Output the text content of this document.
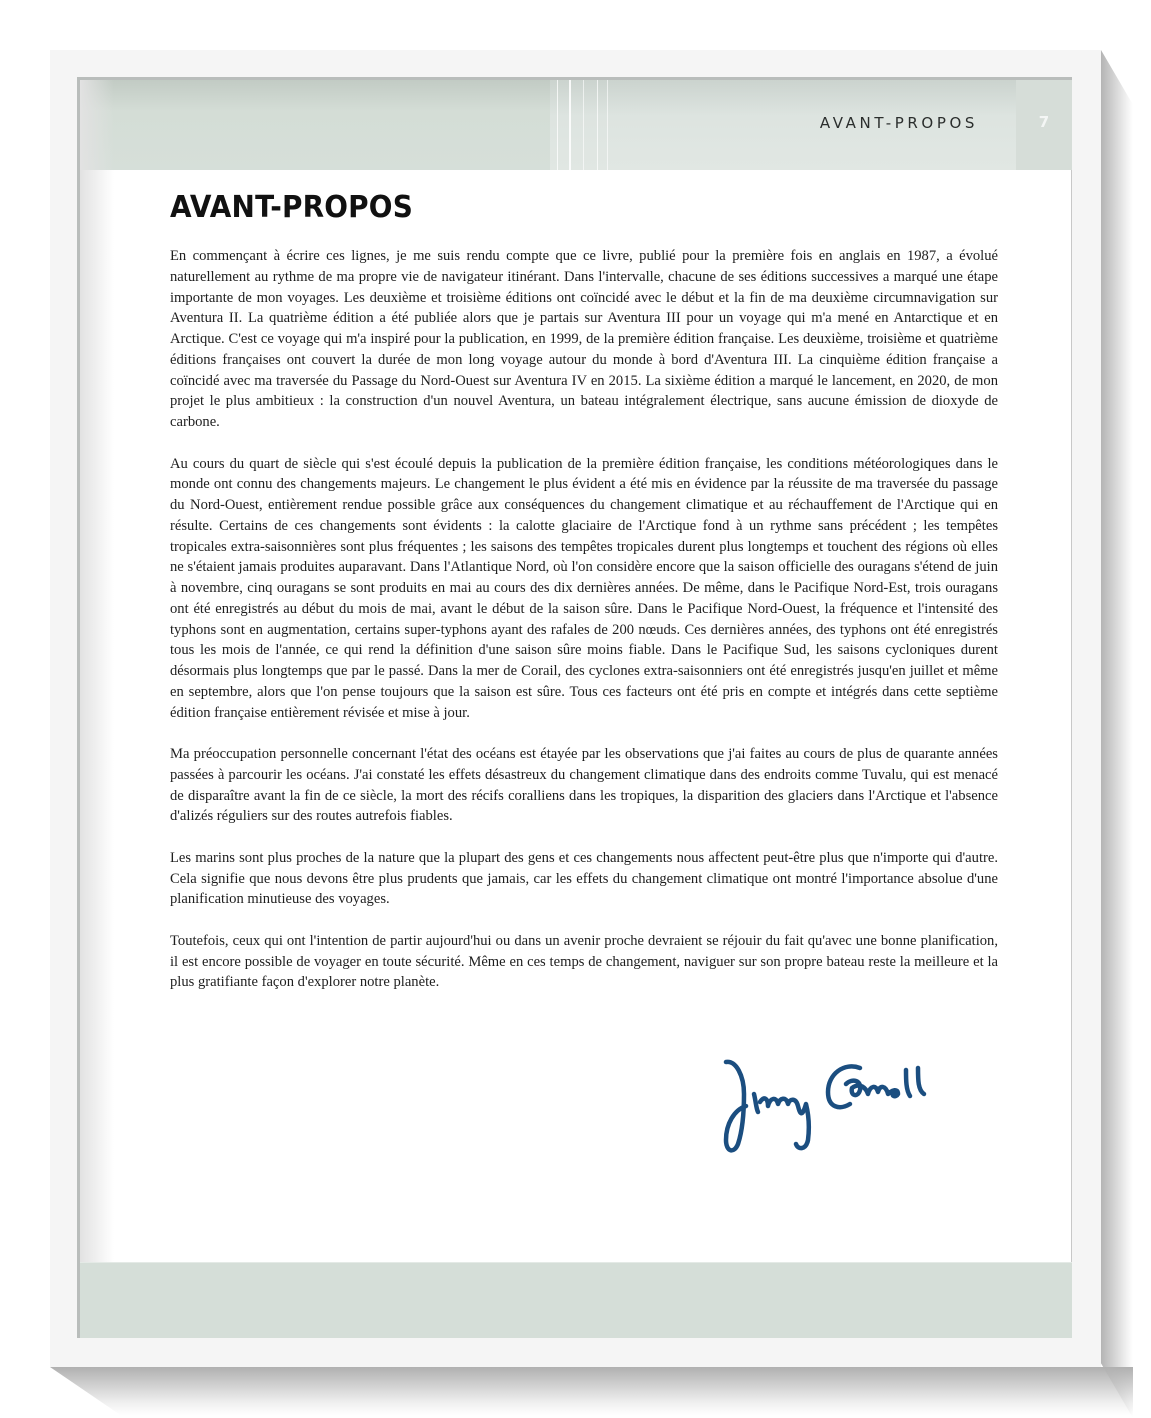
AVANT-PROPOS	7
AVANT-PROPOS

En commençant à écrire ces lignes, je me suis rendu compte que ce livre, publié pour la première fois en anglais en 1987, a évolué naturellement au rythme de ma propre vie de navigateur itinérant. Dans l'intervalle, chacune de ses éditions successives a marqué une étape importante de mon voyages. Les deuxième et troisième éditions ont coïncidé avec le début et la fin de ma deuxième circumnavigation sur Aventura II. La quatrième édition a été publiée alors que je partais sur Aventura III pour un voyage qui m'a mené en Antarctique et en Arctique. C'est ce voyage qui m'a inspiré pour la publication, en 1999, de la première édition française. Les deuxième, troisième et quatrième éditions françaises ont couvert la durée de mon long voyage autour du monde à bord d'Aventura III. La cinquième édition française a coïncidé avec ma traversée du Passage du Nord-Ouest sur Aventura IV en 2015. La sixième édition a marqué le lancement, en 2020, de mon projet le plus ambitieux : la construction d'un nouvel Aventura, un bateau intégralement électrique, sans aucune émission de dioxyde de carbone.

Au cours du quart de siècle qui s'est écoulé depuis la publication de la première édition française, les conditions météorologiques dans le monde ont connu des changements majeurs. Le changement le plus évident a été mis en évidence par la réussite de ma traversée du passage du Nord-Ouest, entièrement rendue possible grâce aux conséquences du changement climatique et au réchauffement de l'Arctique qui en résulte. Certains de ces changements sont évidents : la calotte glaciaire de l'Arctique fond à un rythme sans précédent ; les tempêtes tropicales extra-saisonnières sont plus fréquentes ; les saisons des tempêtes tropicales durent plus longtemps et touchent des régions où elles ne s'étaient jamais produites auparavant. Dans l'Atlantique Nord, où l'on considère encore que la saison officielle des ouragans s'étend de juin à novembre, cinq ouragans se sont produits en mai au cours des dix dernières années. De même, dans le Pacifique Nord-Est, trois ouragans ont été enregistrés au début du mois de mai, avant le début de la saison sûre. Dans le Pacifique Nord-Ouest, la fréquence et l'intensité des typhons sont en augmentation, certains super-typhons ayant des rafales de 200 nœuds. Ces dernières années, des typhons ont été enregistrés tous les mois de l'année, ce qui rend la définition d'une saison sûre moins fiable. Dans le Pacifique Sud, les saisons cycloniques durent désormais plus longtemps que par le passé. Dans la mer de Corail, des cyclones extra-saisonniers ont été enregistrés jusqu'en juillet et même en septembre, alors que l'on pense toujours que la saison est sûre. Tous ces facteurs ont été pris en compte et intégrés dans cette septième édition française entièrement révisée et mise à jour.

Ma préoccupation personnelle concernant l'état des océans est étayée par les observations que j'ai faites au cours de plus de quarante années passées à parcourir les océans. J'ai constaté les effets désastreux du changement climatique dans des endroits comme Tuvalu, qui est menacé de disparaître avant la fin de ce siècle, la mort des récifs coralliens dans les tropiques, la disparition des glaciers dans l'Arctique et l'absence d'alizés réguliers sur des routes autrefois fiables.

Les marins sont plus proches de la nature que la plupart des gens et ces changements nous affectent peut-être plus que n'importe qui d'autre. Cela signifie que nous devons être plus prudents que jamais, car les effets du changement climatique ont montré l'importance absolue d'une planification minutieuse des voyages.

Toutefois, ceux qui ont l'intention de partir aujourd'hui ou dans un avenir proche devraient se réjouir du fait qu'avec une bonne planification, il est encore possible de voyager en toute sécurité. Même en ces temps de changement, naviguer sur son propre bateau reste la meilleure et la plus gratifiante façon d'explorer notre planète.
